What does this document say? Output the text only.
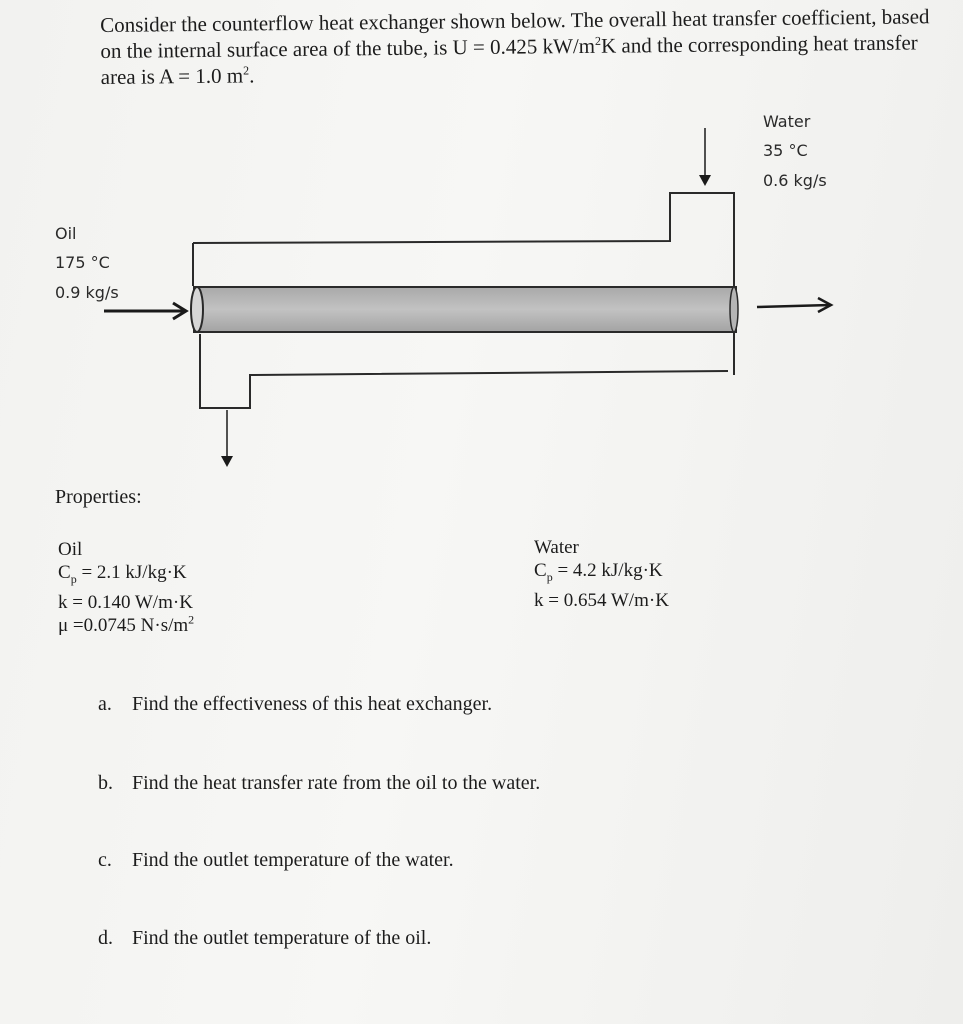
Consider the counterflow heat exchanger shown below. The overall heat transfer coefficient, based on the internal surface area of the tube, is U = 0.425 $kW/m^2K$ and the corresponding heat transfer area is A = 1.0 $m^2$.

Water
35 °C
0.6 kg/s
Oil
175 °C
0.9 kg/s
Properties:
Oil
$C_p = 2.1$ kJ/kg·K
k = 0.140 W/m·K
μ =0.0745 $N\cdot s/m^2$
Water
$C_p = 4.2$ kJ/kg·K
k = 0.654 W/m·K
a. Find the effectiveness of this heat exchanger.
b. Find the heat transfer rate from the oil to the water.
c. Find the outlet temperature of the water.
d. Find the outlet temperature of the oil.
